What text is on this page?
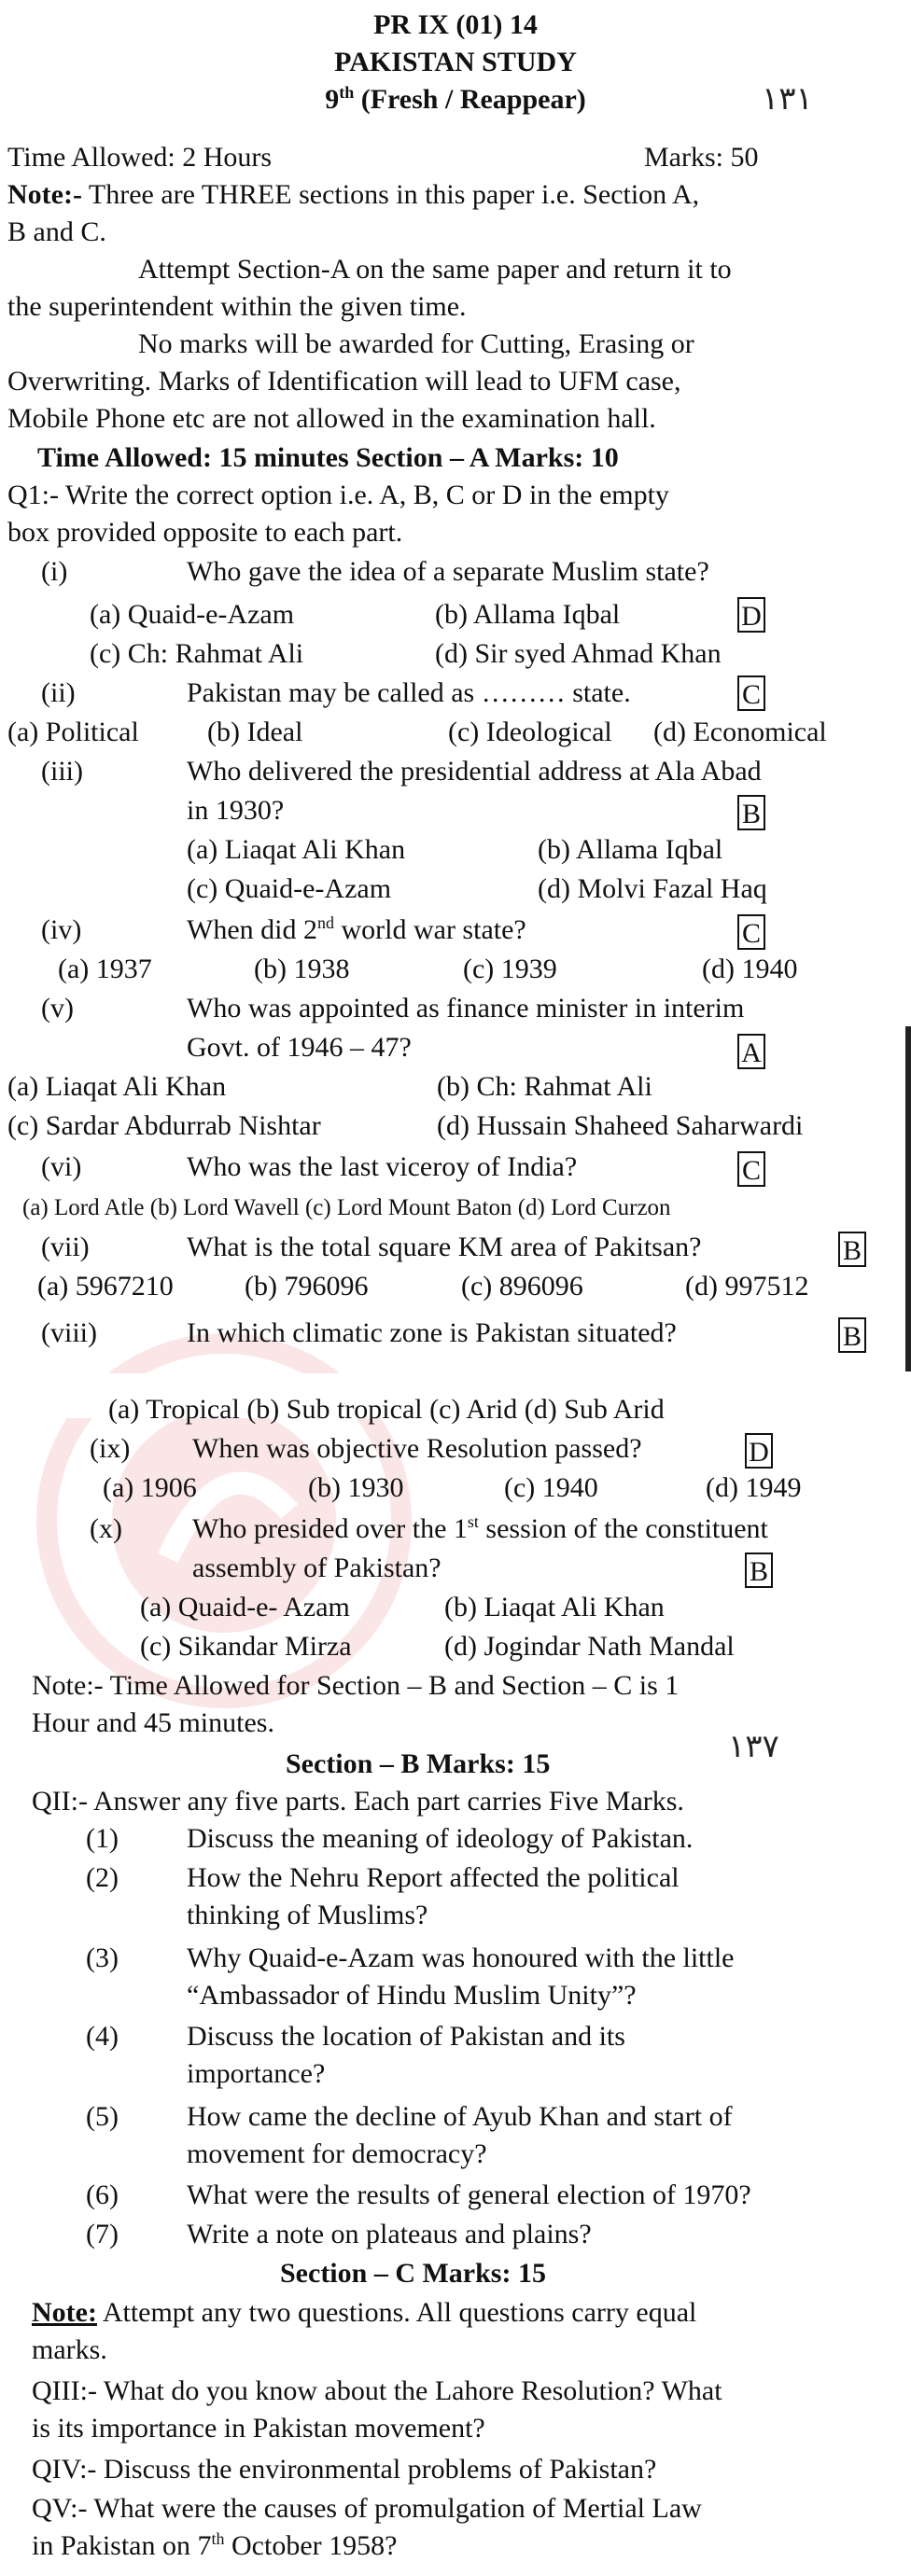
PR IX (01) 14
PAKISTAN STUDY
9th (Fresh / Reappear)	١٣١
Time Allowed: 2 Hours	Marks: 50
Note:- Three are THREE sections in this paper i.e. Section A,
B and C.
Attempt Section-A on the same paper and return it to
the superintendent within the given time.
No marks will be awarded for Cutting, Erasing or
Overwriting. Marks of Identification will lead to UFM case,
Mobile Phone etc are not allowed in the examination hall.
Time Allowed: 15 minutes Section – A Marks: 10
Q1:- Write the correct option i.e. A, B, C or D in the empty
box provided opposite to each part.
(i)	Who gave the idea of a separate Muslim state?
(a) Quaid-e-Azam	(b) Allama Iqbal	D
(c) Ch: Rahmat Ali	(d) Sir syed Ahmad Khan
(ii)	Pakistan may be called as ……… state.	C
(a) Political (b) Ideal	(c) Ideological (d) Economical
(iii)	Who delivered the presidential address at Ala Abad
in 1930?	B
(a) Liaqat Ali Khan	(b) Allama Iqbal
(c) Quaid-e-Azam	(d) Molvi Fazal Haq
(iv)	When did 2nd world war state?	C
(a) 1937	(b) 1938	(c) 1939	(d) 1940
(v)	Who was appointed as finance minister in interim
Govt. of 1946 – 47?	A
(a) Liaqat Ali Khan	(b) Ch: Rahmat Ali
(c) Sardar Abdurrab Nishtar	(d) Hussain Shaheed Saharwardi
(vi)	Who was the last viceroy of India?	C
(a) Lord Atle (b) Lord Wavell (c) Lord Mount Baton (d) Lord Curzon
(vii)	What is the total square KM area of Pakitsan?	B
(a) 5967210	(b) 796096	(c) 896096	(d) 997512
(viii)	In which climatic zone is Pakistan situated?	B
(a) Tropical (b) Sub tropical (c) Arid (d) Sub Arid
(ix) When was objective Resolution passed?	D
(a) 1906	(b) 1930	(c) 1940	(d) 1949
(x)	Who presided over the 1st session of the constituent
assembly of Pakistan?	B
(a) Quaid-e- Azam	(b) Liaqat Ali Khan
(c) Sikandar Mirza	(d) Jogindar Nath Mandal
Note:- Time Allowed for Section – B and Section – C is 1
Hour and 45 minutes.
Section – B Marks: 15	١٣٧
QII:- Answer any five parts. Each part carries Five Marks.
(1) Discuss the meaning of ideology of Pakistan.
(2) How the Nehru Report affected the political
thinking of Muslims?
(3) Why Quaid-e-Azam was honoured with the little
“Ambassador of Hindu Muslim Unity”?
(4) Discuss the location of Pakistan and its
importance?
(5) How came the decline of Ayub Khan and start of
movement for democracy?
(6) What were the results of general election of 1970?
(7) Write a note on plateaus and plains?
Section – C Marks: 15
Note: Attempt any two questions. All questions carry equal
marks.
QIII:- What do you know about the Lahore Resolution? What
is its importance in Pakistan movement?
QIV:- Discuss the environmental problems of Pakistan?
QV:- What were the causes of promulgation of Mertial Law
in Pakistan on 7th October 1958?
